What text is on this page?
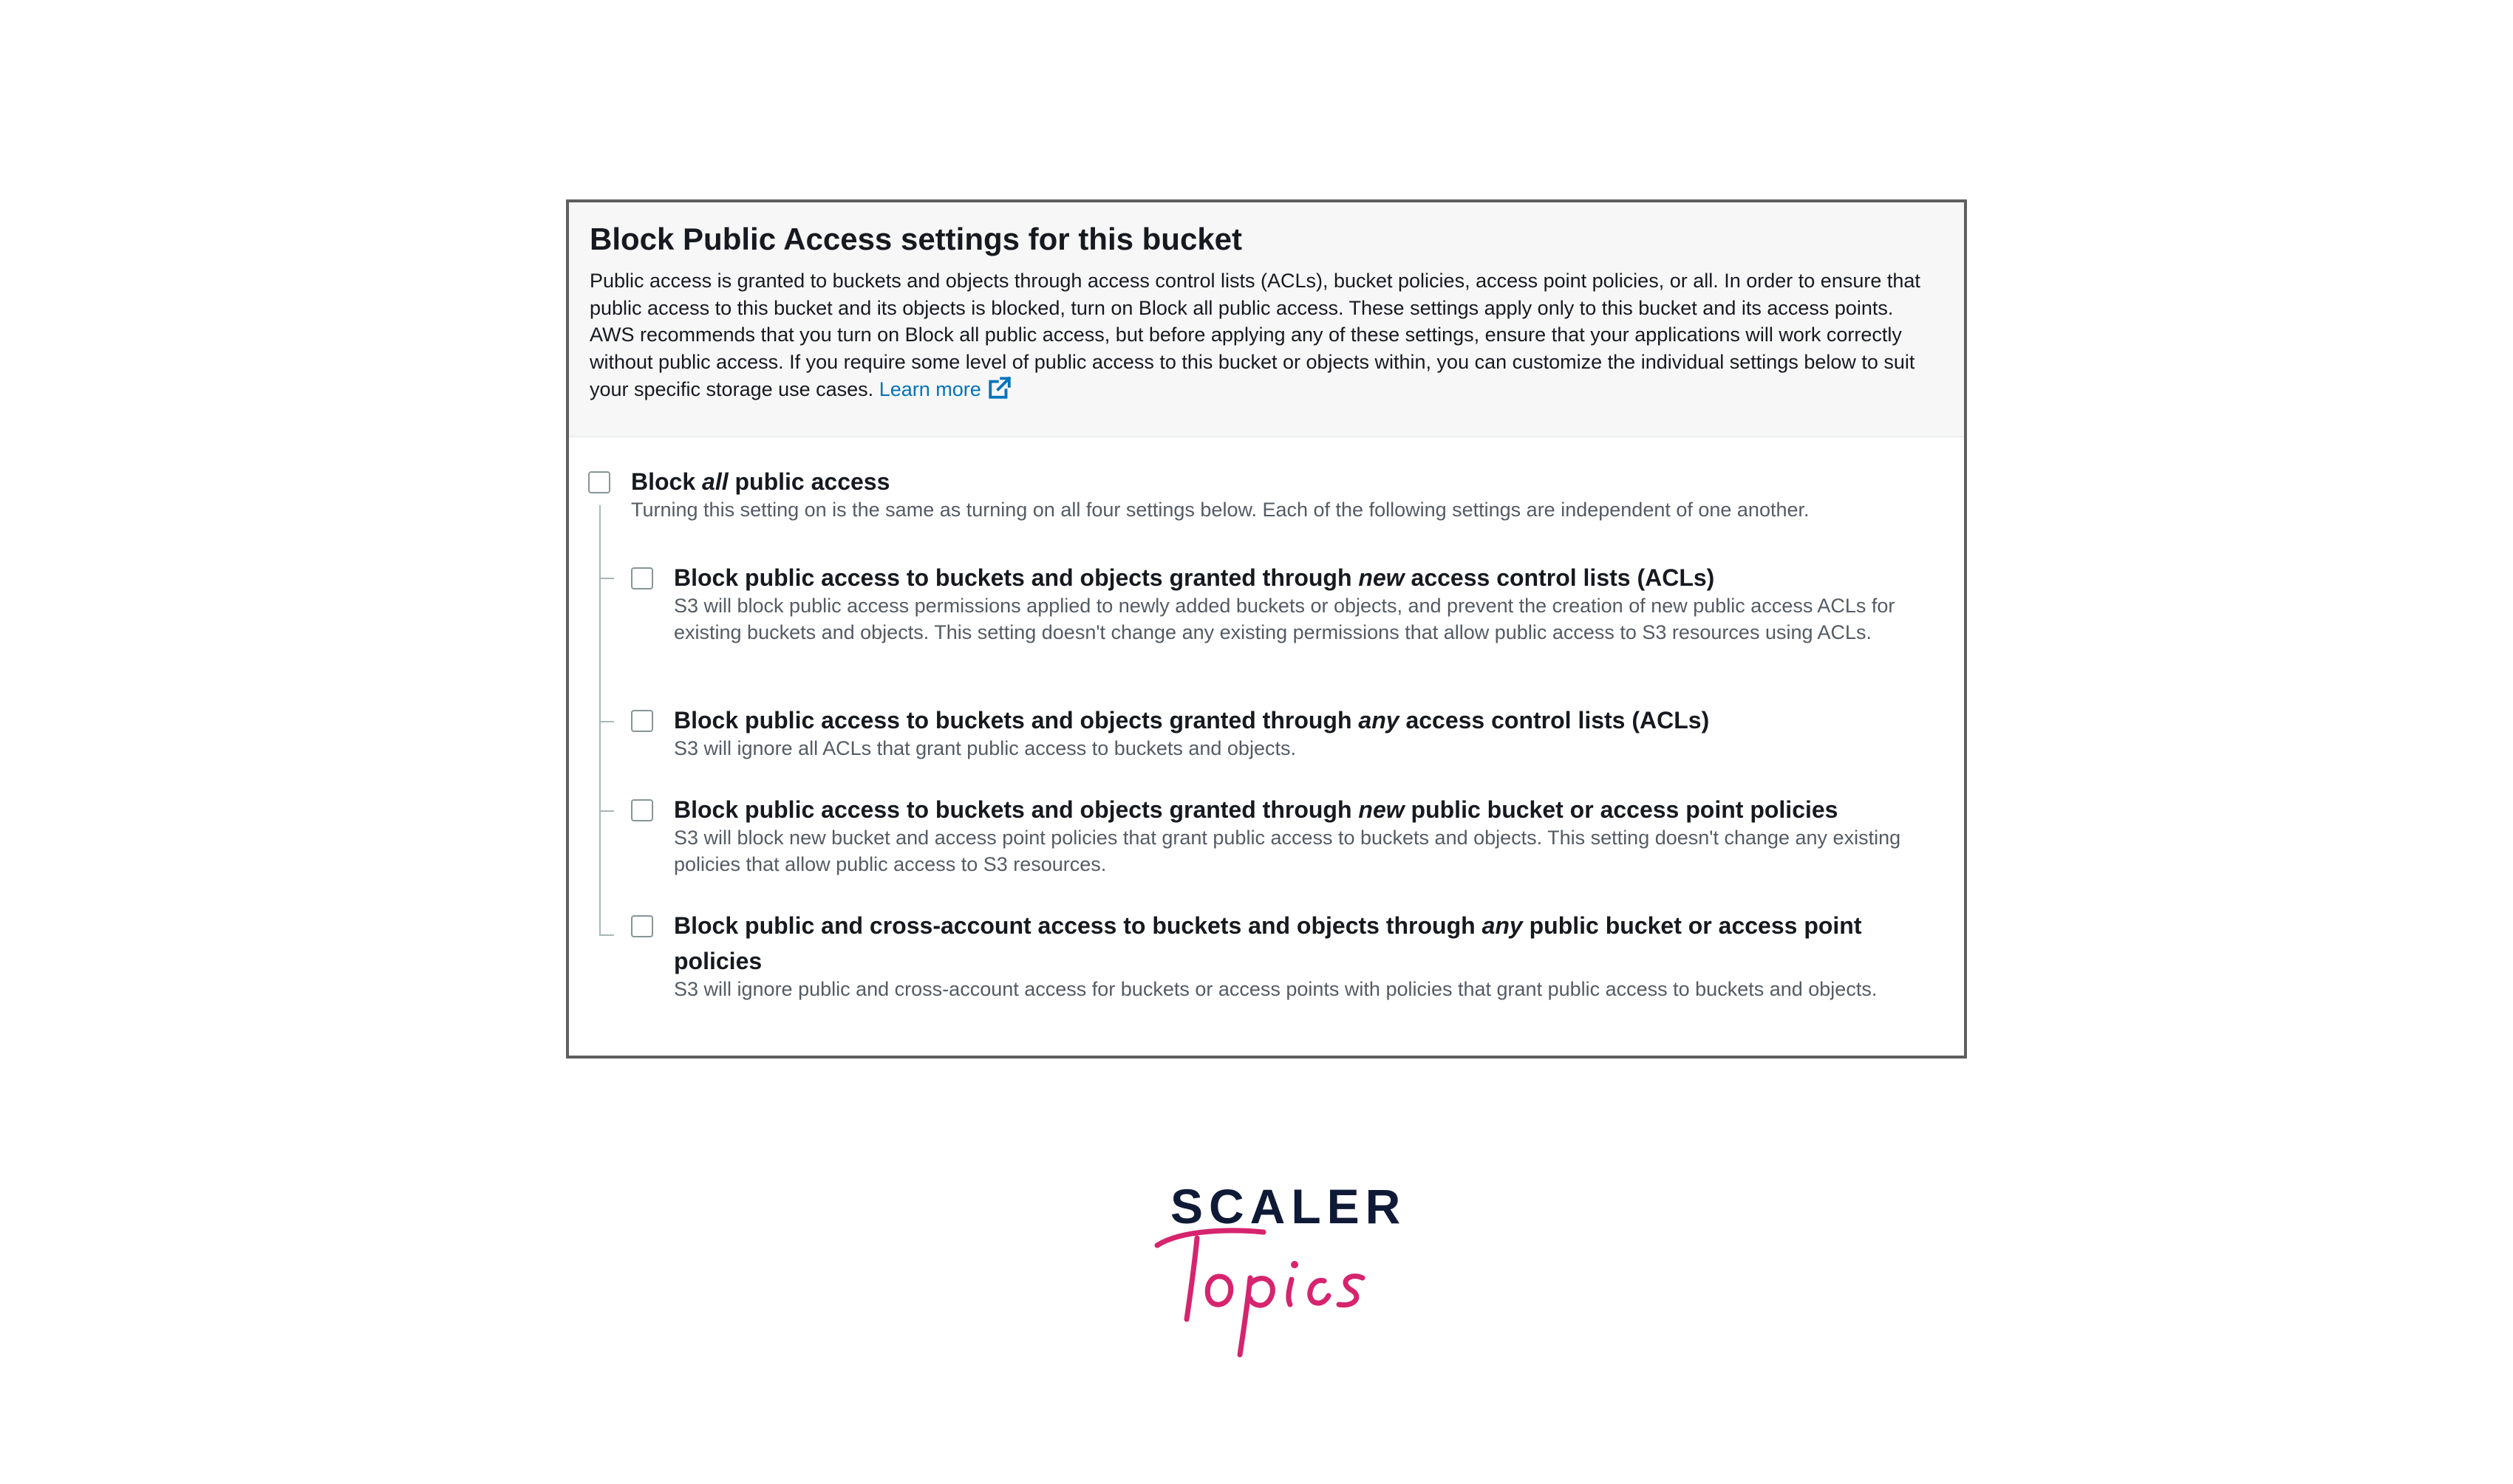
Block Public Access settings for this bucket

Public access is granted to buckets and objects through access control lists (ACLs), bucket policies, access point policies, or all. In order to ensure that public access to this bucket and its objects is blocked, turn on Block all public access. These settings apply only to this bucket and its access points. AWS recommends that you turn on Block all public access, but before applying any of these settings, ensure that your applications will work correctly without public access. If you require some level of public access to this bucket or objects within, you can customize the individual settings below to suit your specific storage use cases. Learn more

Block all public access
Turning this setting on is the same as turning on all four settings below. Each of the following settings are independent of one another.
Block public access to buckets and objects granted through new access control lists (ACLs)
S3 will block public access permissions applied to newly added buckets or objects, and prevent the creation of new public access ACLs for existing buckets and objects. This setting doesn't change any existing permissions that allow public access to S3 resources using ACLs.
Block public access to buckets and objects granted through any access control lists (ACLs)
S3 will ignore all ACLs that grant public access to buckets and objects.
Block public access to buckets and objects granted through new public bucket or access point policies
S3 will block new bucket and access point policies that grant public access to buckets and objects. This setting doesn't change any existing policies that allow public access to S3 resources.
Block public and cross-account access to buckets and objects through any public bucket or access point policies
S3 will ignore public and cross-account access for buckets or access points with policies that grant public access to buckets and objects.
SCALER
